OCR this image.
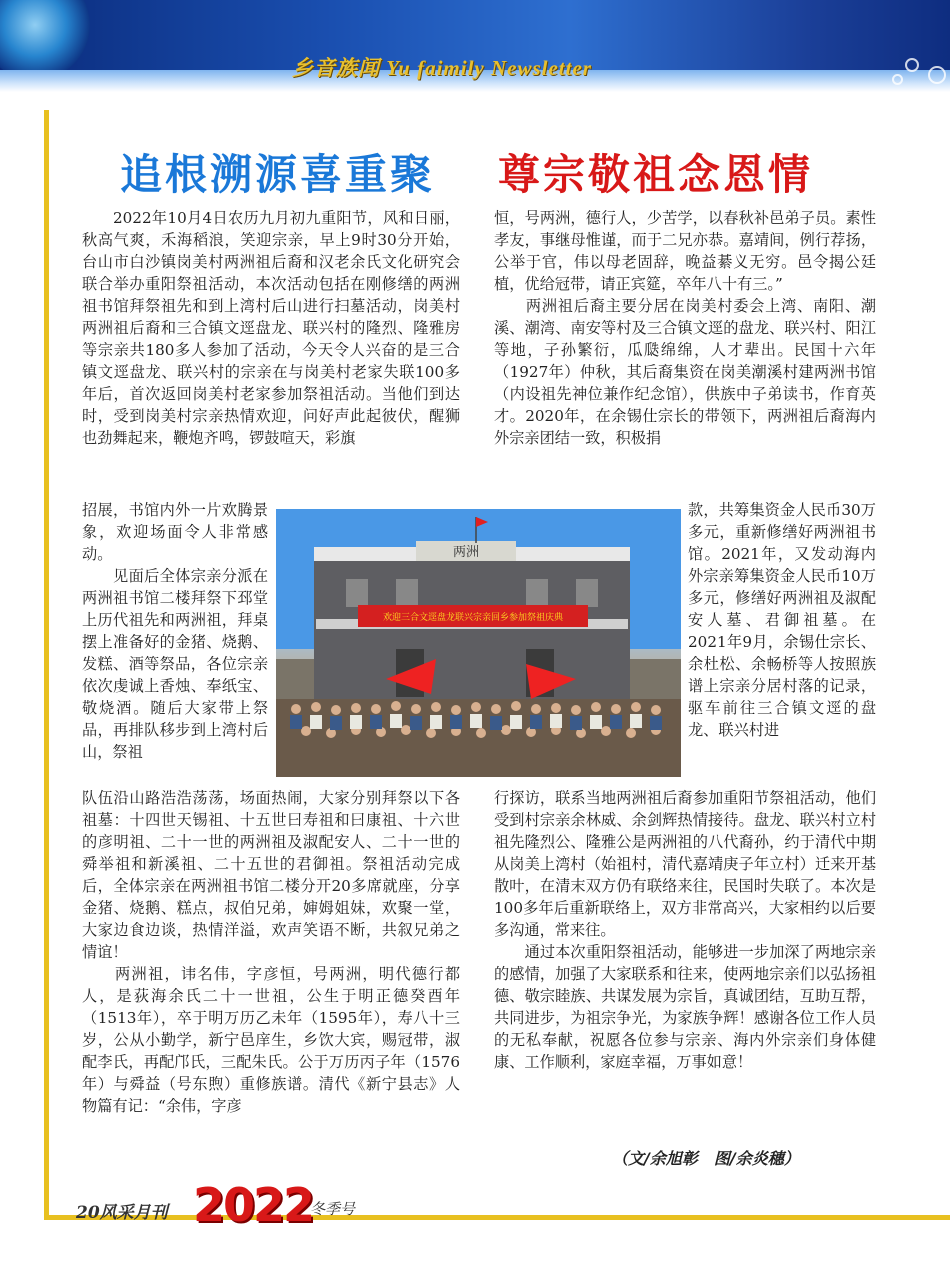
乡音族闻 Yu faimily Newsletter
追根溯源喜重聚 尊宗敬祖念恩情

　　2022年10月4日农历九月初九重阳节，风和日丽，秋高气爽，禾海稻浪，笑迎宗亲，早上9时30分开始，台山市白沙镇岗美村两洲祖后裔和汉老余氏文化研究会联合举办重阳祭祖活动，本次活动包括在刚修缮的两洲祖书馆拜祭祖先和到上湾村后山进行扫墓活动，岗美村两洲祖后裔和三合镇文逕盘龙、联兴村的隆烈、隆雅房等宗亲共180多人参加了活动，今天令人兴奋的是三合镇文逕盘龙、联兴村的宗亲在与岗美村老家失联100多年后，首次返回岗美村老家参加祭祖活动。当他们到达时，受到岗美村宗亲热情欢迎，问好声此起彼伏，醒狮也劲舞起来，鞭炮齐鸣，锣鼓喧天，彩旗

招展，书馆内外一片欢腾景象，欢迎场面令人非常感动。
　　见面后全体宗亲分派在两洲祖书馆二楼拜祭下邳堂上历代祖先和两洲祖，拜桌摆上准备好的金猪、烧鹅、发糕、酒等祭品，各位宗亲依次虔诚上香烛、奉纸宝、敬烧酒。随后大家带上祭品，再排队移步到上湾村后山，祭祖

队伍沿山路浩浩荡荡，场面热闹，大家分别拜祭以下各祖墓：十四世天锡祖、十五世曰寿祖和曰康祖、十六世的彦明祖、二十一世的两洲祖及淑配安人、二十一世的舜举祖和新溪祖、二十五世的君御祖。祭祖活动完成后，全体宗亲在两洲祖书馆二楼分开20多席就座，分享金猪、烧鹅、糕点，叔伯兄弟，婶姆姐妹，欢聚一堂，大家边食边谈，热情洋溢，欢声笑语不断，共叙兄弟之情谊！
　　两洲祖，讳名伟，字彦恒，号两洲，明代德行都人，是荻海余氏二十一世祖，公生于明正德癸酉年（1513年），卒于明万历乙未年（1595年），寿八十三岁，公从小勤学，新宁邑庠生，乡饮大宾，赐冠带，淑配李氏，再配邝氏，三配朱氏。公于万历丙子年（1576年）与舜益（号东煦）重修族谱。清代《新宁县志》人物篇有记：“余伟，字彦

恒，号两洲，德行人，少苦学，以春秋补邑弟子员。素性孝友，事继母惟谨，而于二兄亦恭。嘉靖间，例行荐扬，公举于官，伟以母老固辞，晚益綦义无穷。邑令揭公廷植，优给冠带，请正宾筵，卒年八十有三。”
　　两洲祖后裔主要分居在岗美村委会上湾、南阳、潮溪、潮湾、南安等村及三合镇文逕的盘龙、联兴村、阳江等地，子孙繁衍，瓜瓞绵绵，人才辈出。民国十六年（1927年）仲秋，其后裔集资在岗美潮溪村建两洲书馆（内设祖先神位兼作纪念馆），供族中子弟读书，作育英才。2020年，在余锡仕宗长的带领下，两洲祖后裔海内外宗亲团结一致，积极捐

款，共筹集资金人民币30万多元，重新修缮好两洲祖书馆。2021年，又发动海内外宗亲筹集资金人民币10万多元，修缮好两洲祖及淑配安人墓、君御祖墓。在2021年9月，余锡仕宗长、余杜松、余畅桥等人按照族谱上宗亲分居村落的记录，驱车前往三合镇文逕的盘龙、联兴村进

行探访，联系当地两洲祖后裔参加重阳节祭祖活动，他们受到村宗亲余林威、余剑辉热情接待。盘龙、联兴村立村祖先隆烈公、隆雅公是两洲祖的八代裔孙，约于清代中期从岗美上湾村（始祖村，清代嘉靖庚子年立村）迁来开基散叶，在清末双方仍有联络来往，民国时失联了。本次是100多年后重新联络上，双方非常高兴，大家相约以后要多沟通，常来往。
　　通过本次重阳祭祖活动，能够进一步加深了两地宗亲的感情，加强了大家联系和往来，使两地宗亲们以弘扬祖德、敬宗睦族、共谋发展为宗旨，真诚团结，互助互帮，共同进步，为祖宗争光，为家族争辉！感谢各位工作人员的无私奉献，祝愿各位参与宗亲、海内外宗亲们身体健康、工作顺利，家庭幸福，万事如意！

两洲
欢迎三合文逕盘龙联兴宗亲回乡参加祭祖庆典
（文/余旭彰　图/余炎穗）
20风采月刊 2022
冬季号
